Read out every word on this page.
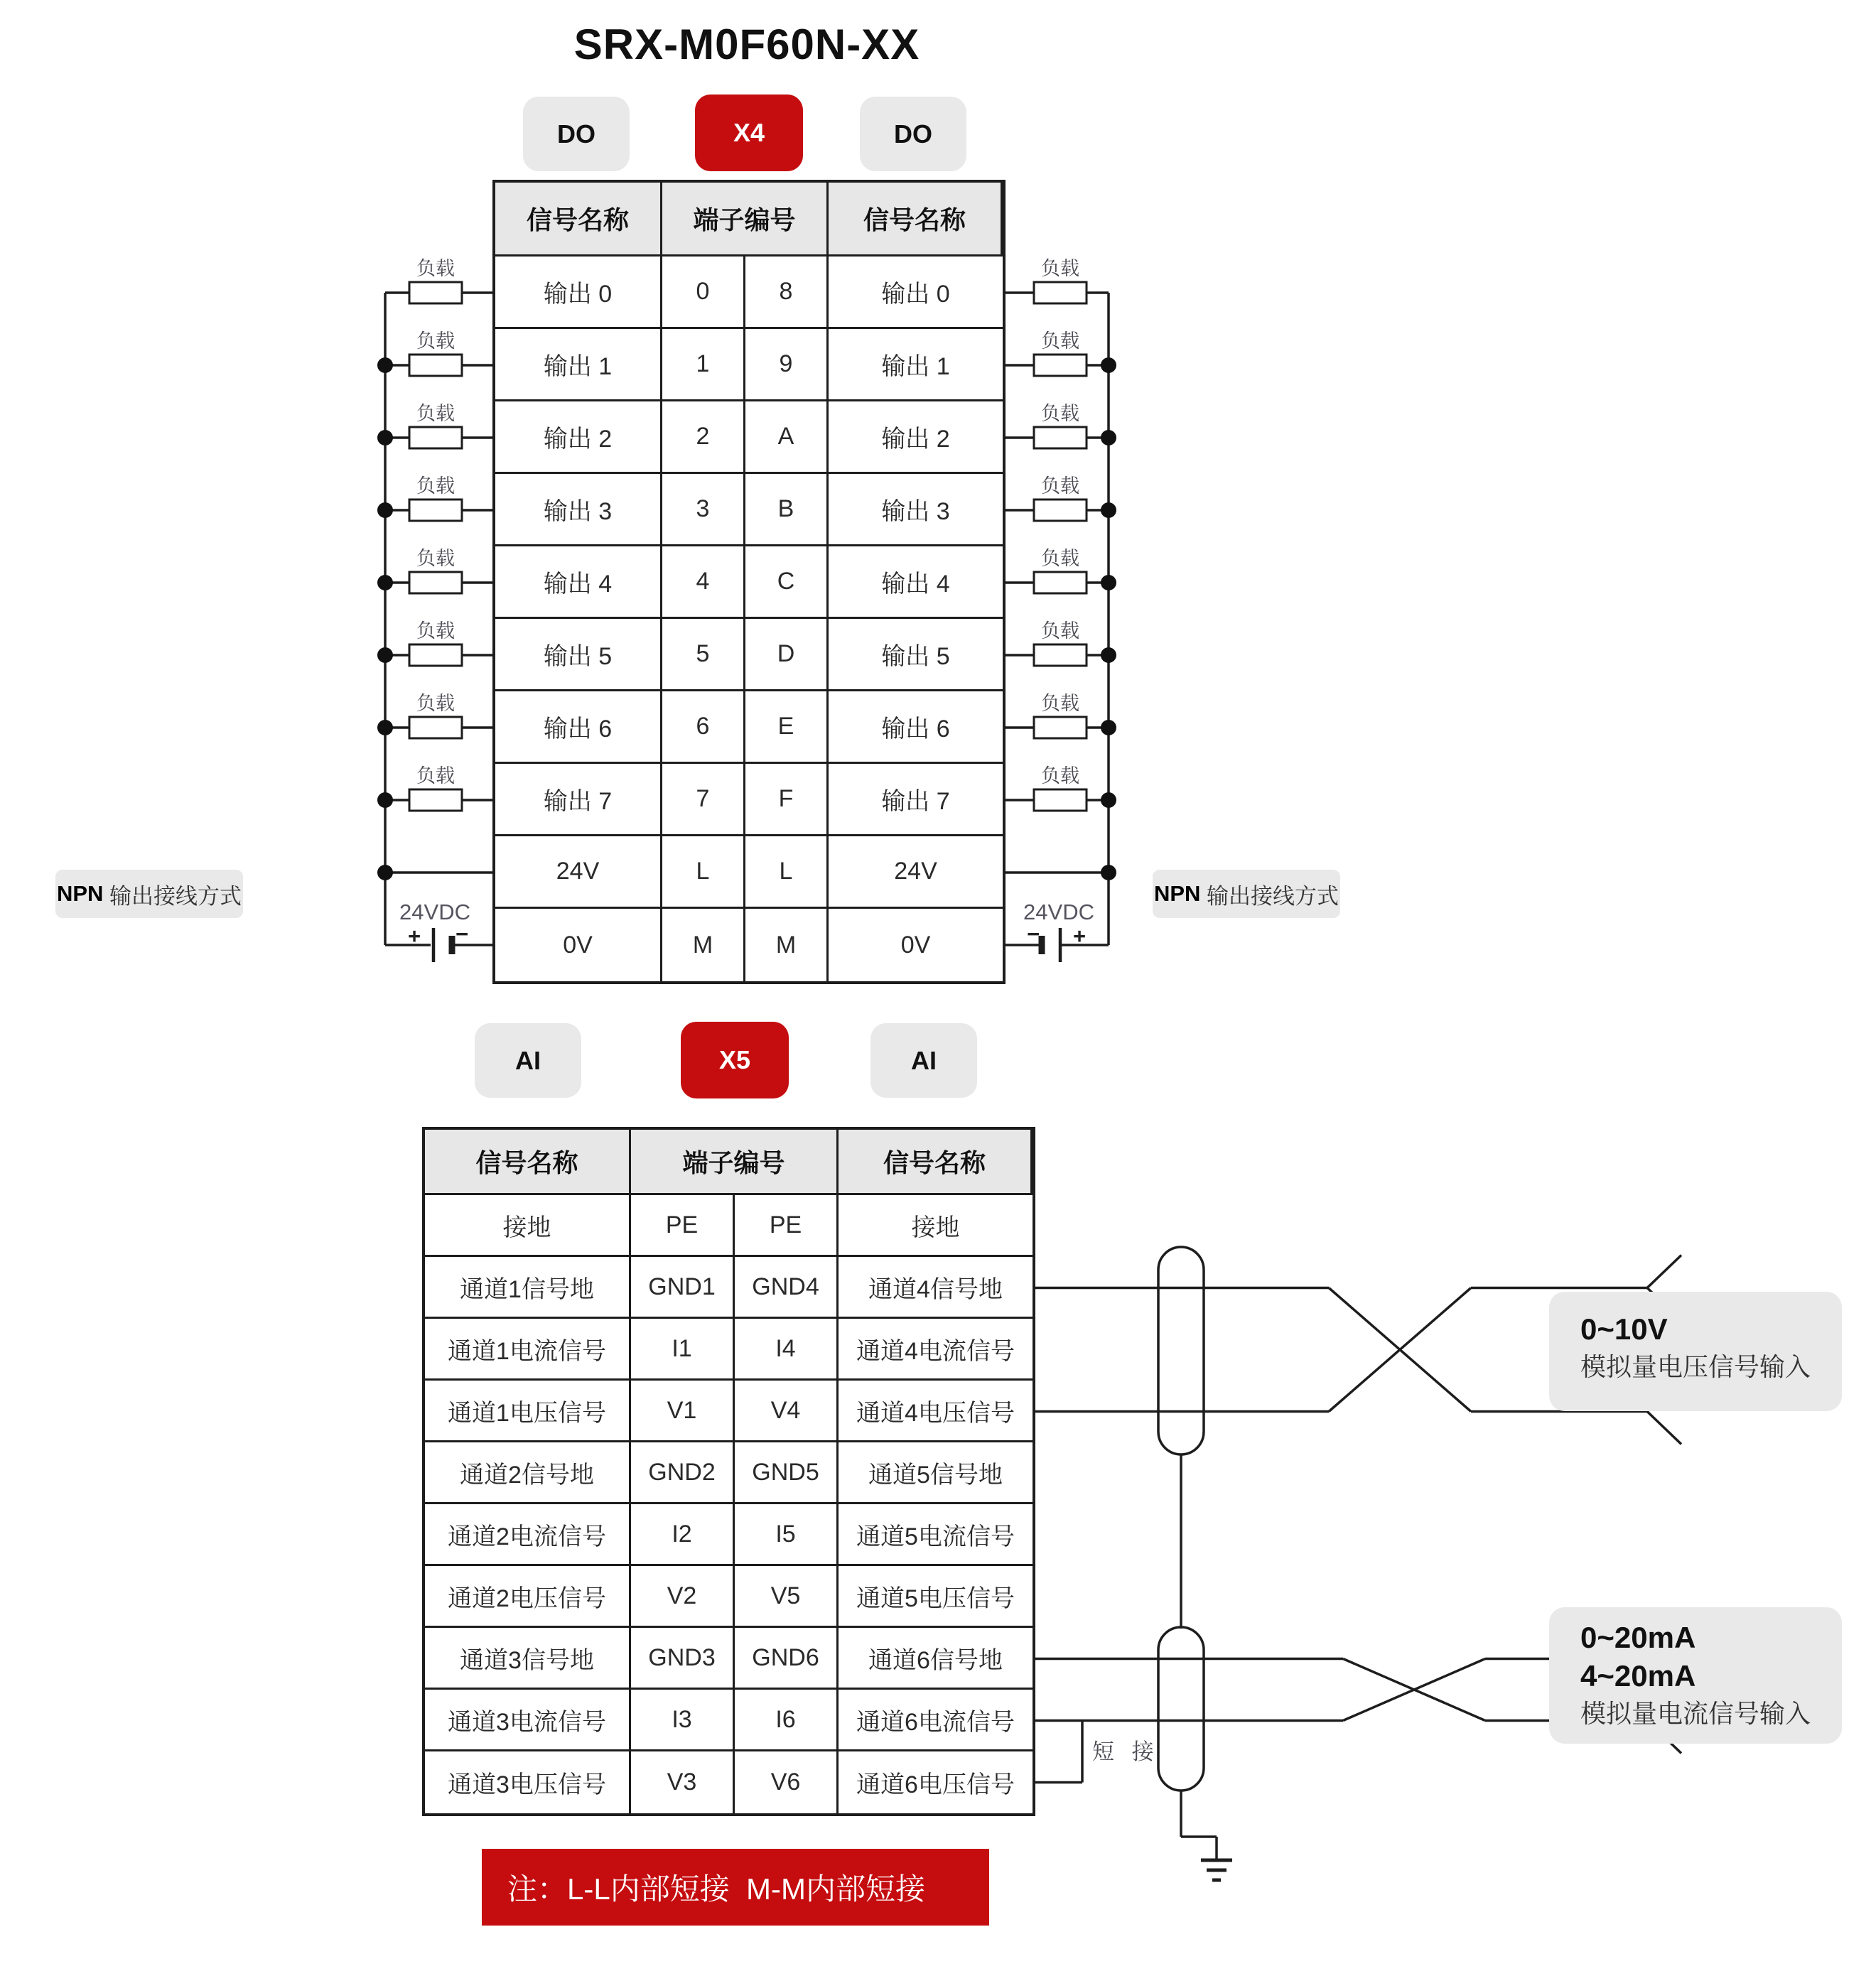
SRX-M0F60N-XX
DO	X4	DO
AI	X5	AI
信号名称	端子编号	信号名称
输出 0	0	8	输出 0
输出 1	1	9	输出 1
输出 2	2	A	输出 2
输出 3	3	B	输出 3
输出 4	4	C	输出 4
输出 5	5	D	输出 5
输出 6	6	E	输出 6
输出 7	7	F	输出 7
24V	L	L	24V
0V	M	M	0V
信号名称	端子编号	信号名称
接地	PE	PE	接地
通道1信号地	GND1	GND4	通道4信号地
通道1电流信号	I1	I4	通道4电流信号
通道1电压信号	V1	V4	通道4电压信号
通道2信号地	GND2	GND5	通道5信号地
通道2电流信号	I2	I5	通道5电流信号
通道2电压信号	V2	V5	通道5电压信号
通道3信号地	GND3	GND6	通道6信号地
通道3电流信号	I3	I6	通道6电流信号
通道3电压信号	V3	V6	通道6电压信号
NPN 输出接线方式	NPN 输出接线方式
24VDC	24VDC
+ −	− +
负载	负载
负载	负载
负载	负载
负载	负载
负载	负载
负载	负载
负载	负载
负载	负载
短 接
0~10V
模拟量电压信号输入
0~20mA
4~20mA
模拟量电流信号输入
注：L-L内部短接  M-M内部短接
